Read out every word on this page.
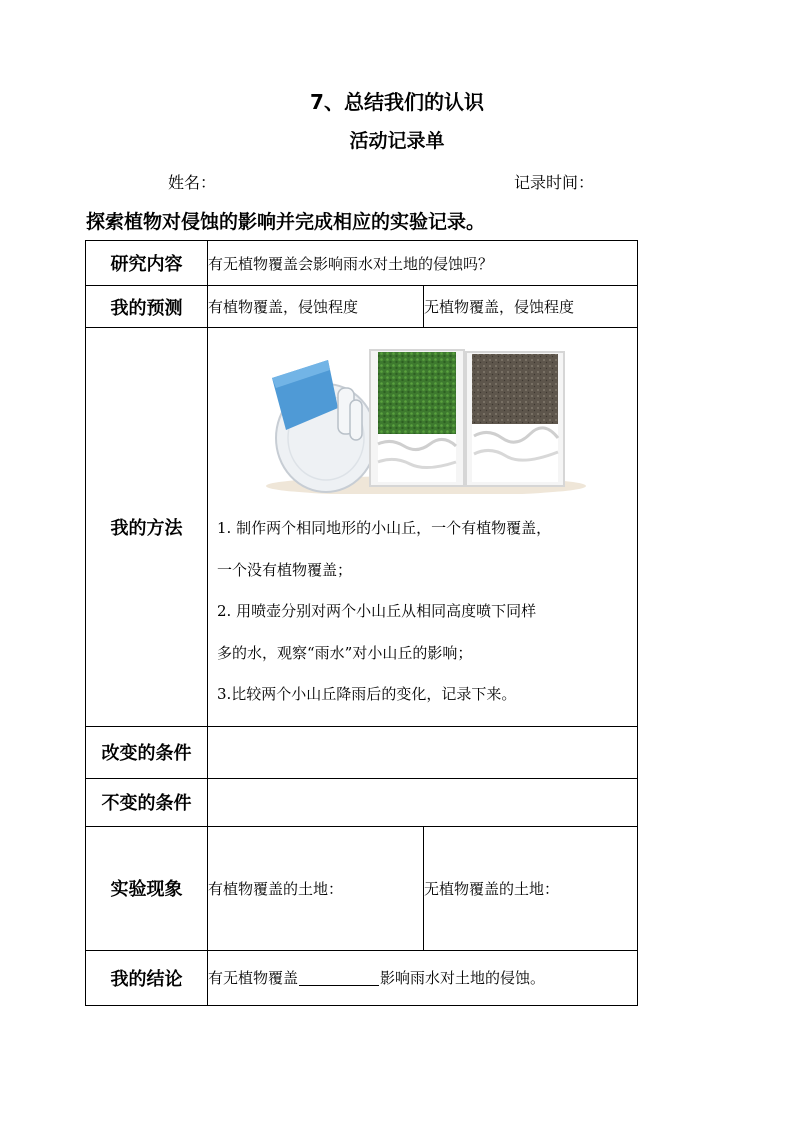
7、总结我们的认识
活动记录单
姓名：	记录时间：
探索植物对侵蚀的影响并完成相应的实验记录。
研究内容	有无植物覆盖会影响雨水对土地的侵蚀吗？	
我的预测	有植物覆盖，侵蚀程度	无植物覆盖，侵蚀程度
我的方法	1. 制作两个相同地形的小山丘，一个有植物覆盖，
一个没有植物覆盖；
2. 用喷壶分别对两个小山丘从相同高度喷下同样
多的水，观察“雨水”对小山丘的影响；
3.比较两个小山丘降雨后的变化，记录下来。	

改变的条件		
不变的条件		
实验现象	有植物覆盖的土地：	无植物覆盖的土地：
我的结论	有无植物覆盖 影响雨水对土地的侵蚀。	
